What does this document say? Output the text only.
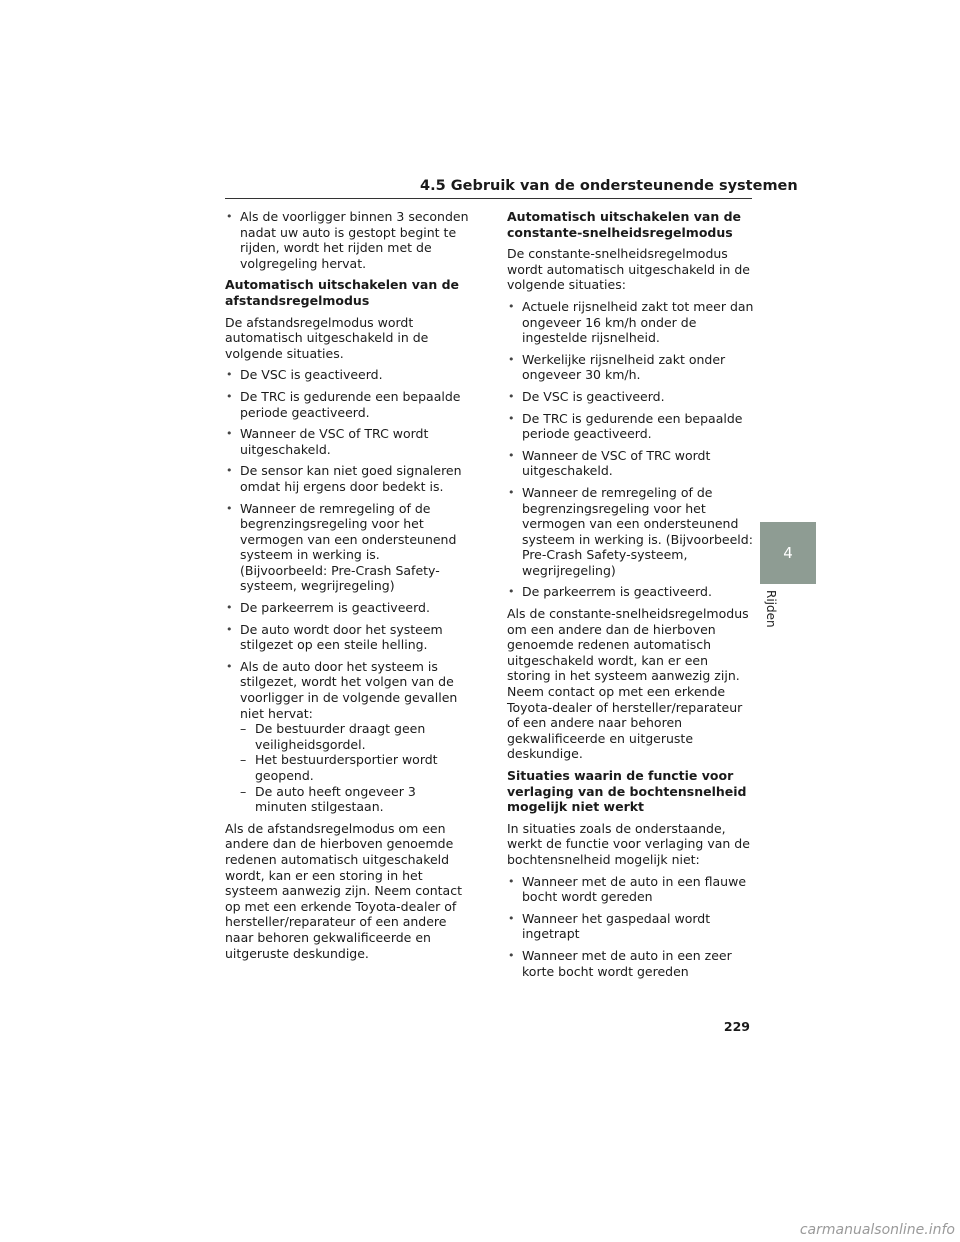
4.5 Gebruik van de ondersteunende systemen
• Als de voorligger binnen 3 seconden nadat uw auto is gestopt begint te rijden, wordt het rijden met de volgregeling hervat.
Automatisch uitschakelen van de afstandsregelmodus
De afstandsregelmodus wordt automatisch uitgeschakeld in de volgende situaties.
• De VSC is geactiveerd.
• De TRC is gedurende een bepaalde periode geactiveerd.
• Wanneer de VSC of TRC wordt uitgeschakeld.
• De sensor kan niet goed signaleren omdat hij ergens door bedekt is.
• Wanneer de remregeling of de begrenzingsregeling voor het vermogen van een ondersteunend systeem in werking is. (Bijvoorbeeld: Pre-Crash Safety-systeem, wegrijregeling)
• De parkeerrem is geactiveerd.
• De auto wordt door het systeem stilgezet op een steile helling.
• Als de auto door het systeem is stilgezet, wordt het volgen van de voorligger in de volgende gevallen niet hervat:
– De bestuurder draagt geen veiligheidsgordel.
– Het bestuurdersportier wordt geopend.
– De auto heeft ongeveer 3 minuten stilgestaan.
Als de afstandsregelmodus om een andere dan de hierboven genoemde redenen automatisch uitgeschakeld wordt, kan er een storing in het systeem aanwezig zijn. Neem contact op met een erkende Toyota-dealer of hersteller/reparateur of een andere naar behoren gekwalificeerde en uitgeruste deskundige.
Automatisch uitschakelen van de constante-snelheidsregelmodus
De constante-snelheidsregelmodus wordt automatisch uitgeschakeld in de volgende situaties:
• Actuele rijsnelheid zakt tot meer dan ongeveer 16 km/h onder de ingestelde rijsnelheid.
• Werkelijke rijsnelheid zakt onder ongeveer 30 km/h.
• De VSC is geactiveerd.
• De TRC is gedurende een bepaalde periode geactiveerd.
• Wanneer de VSC of TRC wordt uitgeschakeld.
• Wanneer de remregeling of de begrenzingsregeling voor het vermogen van een ondersteunend systeem in werking is. (Bijvoorbeeld: Pre-Crash Safety-systeem, wegrijregeling)
• De parkeerrem is geactiveerd.
Als de constante-snelheidsregelmodus om een andere dan de hierboven genoemde redenen automatisch uitgeschakeld wordt, kan er een storing in het systeem aanwezig zijn. Neem contact op met een erkende Toyota-dealer of hersteller/reparateur of een andere naar behoren gekwalificeerde en uitgeruste deskundige.
Situaties waarin de functie voor verlaging van de bochtensnelheid mogelijk niet werkt
In situaties zoals de onderstaande, werkt de functie voor verlaging van de bochtensnelheid mogelijk niet:
• Wanneer met de auto in een flauwe bocht wordt gereden
• Wanneer het gaspedaal wordt ingetrapt
• Wanneer met de auto in een zeer korte bocht wordt gereden
4
Rijden
229
carmanualsonline.info
